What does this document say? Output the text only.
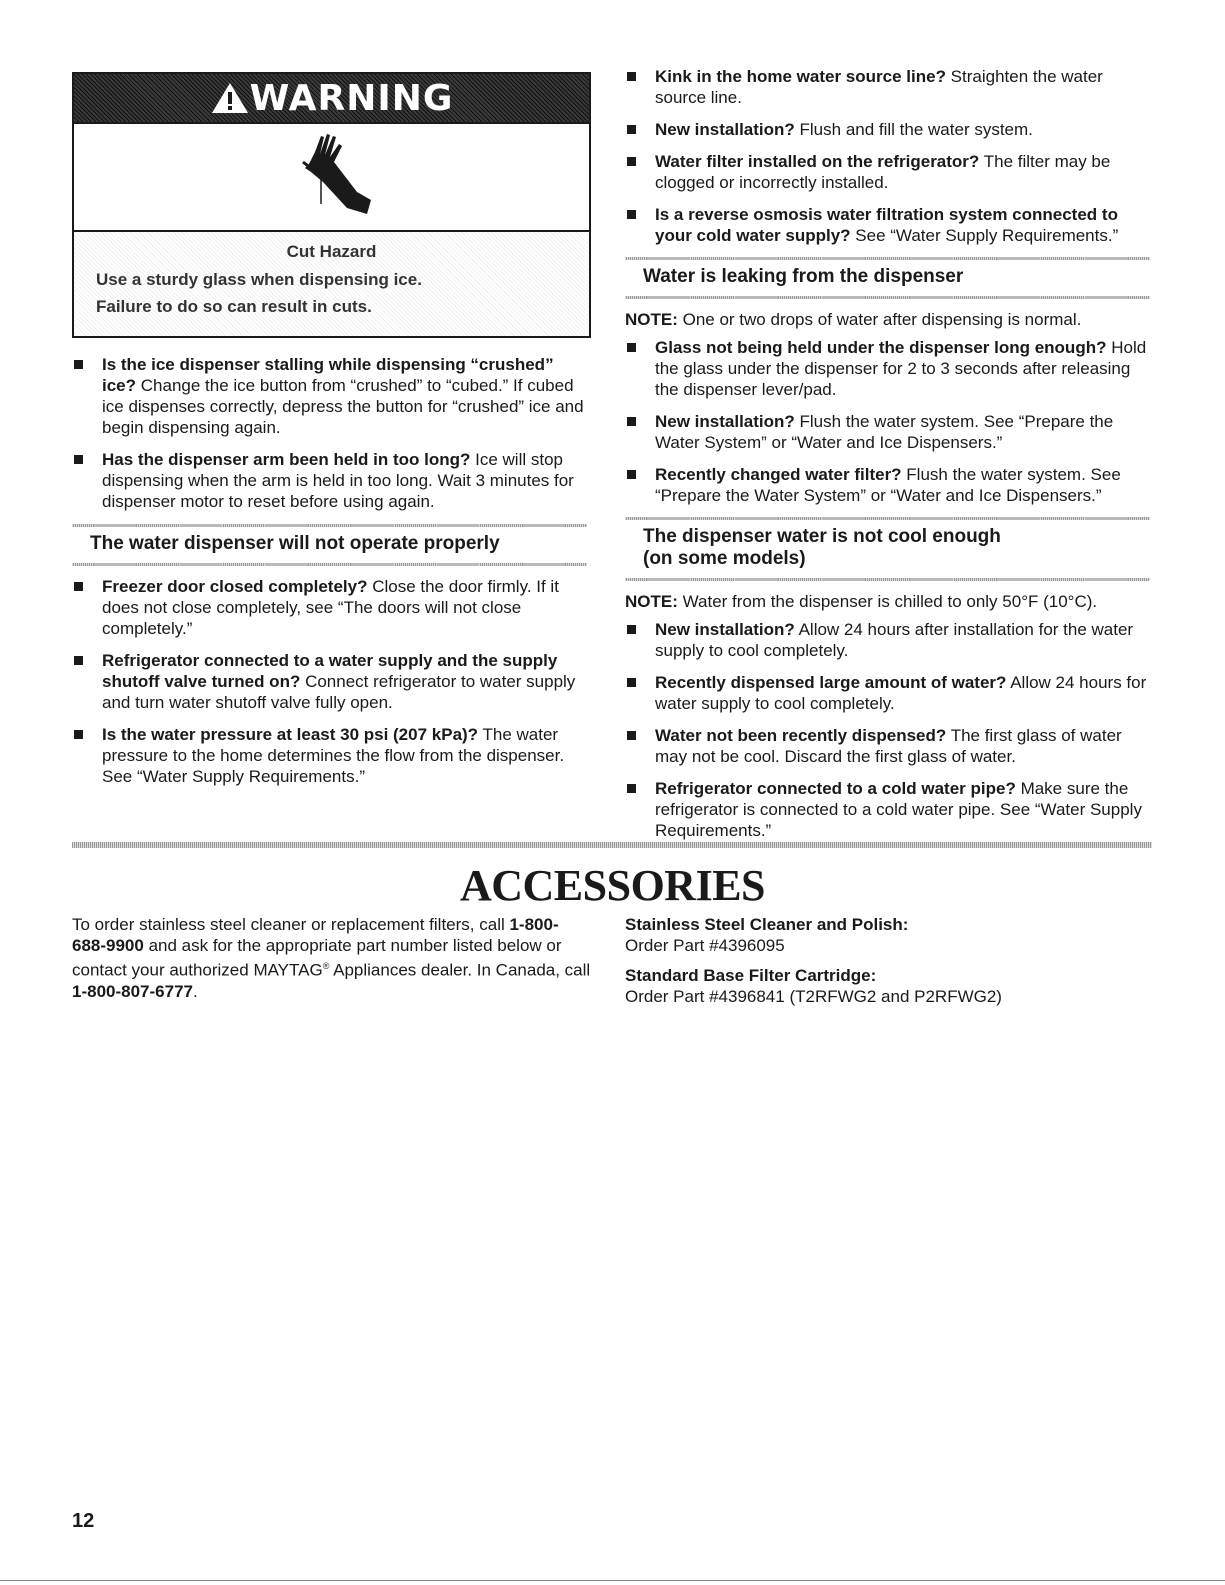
WARNING
Cut Hazard
Use a sturdy glass when dispensing ice.
Failure to do so can result in cuts.
Is the ice dispenser stalling while dispensing “crushed” ice? Change the ice button from “crushed” to “cubed.” If cubed ice dispenses correctly, depress the button for “crushed” ice and begin dispensing again.
Has the dispenser arm been held in too long? Ice will stop dispensing when the arm is held in too long. Wait 3 minutes for dispenser motor to reset before using again.
The water dispenser will not operate properly
Freezer door closed completely? Close the door firmly. If it does not close completely, see “The doors will not close completely.”
Refrigerator connected to a water supply and the supply shutoff valve turned on? Connect refrigerator to water supply and turn water shutoff valve fully open.
Is the water pressure at least 30 psi (207 kPa)? The water pressure to the home determines the flow from the dispenser. See “Water Supply Requirements.”
Kink in the home water source line? Straighten the water source line.
New installation? Flush and fill the water system.
Water filter installed on the refrigerator? The filter may be clogged or incorrectly installed.
Is a reverse osmosis water filtration system connected to your cold water supply? See “Water Supply Requirements.”
Water is leaking from the dispenser
NOTE: One or two drops of water after dispensing is normal.
Glass not being held under the dispenser long enough? Hold the glass under the dispenser for 2 to 3 seconds after releasing the dispenser lever/pad.
New installation? Flush the water system. See “Prepare the Water System” or “Water and Ice Dispensers.”
Recently changed water filter? Flush the water system. See “Prepare the Water System” or “Water and Ice Dispensers.”
The dispenser water is not cool enough
(on some models)
NOTE: Water from the dispenser is chilled to only 50°F (10°C).
New installation? Allow 24 hours after installation for the water supply to cool completely.
Recently dispensed large amount of water? Allow 24 hours for water supply to cool completely.
Water not been recently dispensed? The first glass of water may not be cool. Discard the first glass of water.
Refrigerator connected to a cold water pipe? Make sure the refrigerator is connected to a cold water pipe. See “Water Supply Requirements.”
ACCESSORIES
To order stainless steel cleaner or replacement filters, call 1-800-688-9900 and ask for the appropriate part number listed below or contact your authorized MAYTAG® Appliances dealer. In Canada, call 1-800-807-6777.
Stainless Steel Cleaner and Polish:
Order Part #4396095
Standard Base Filter Cartridge:
Order Part #4396841 (T2RFWG2 and P2RFWG2)
12
